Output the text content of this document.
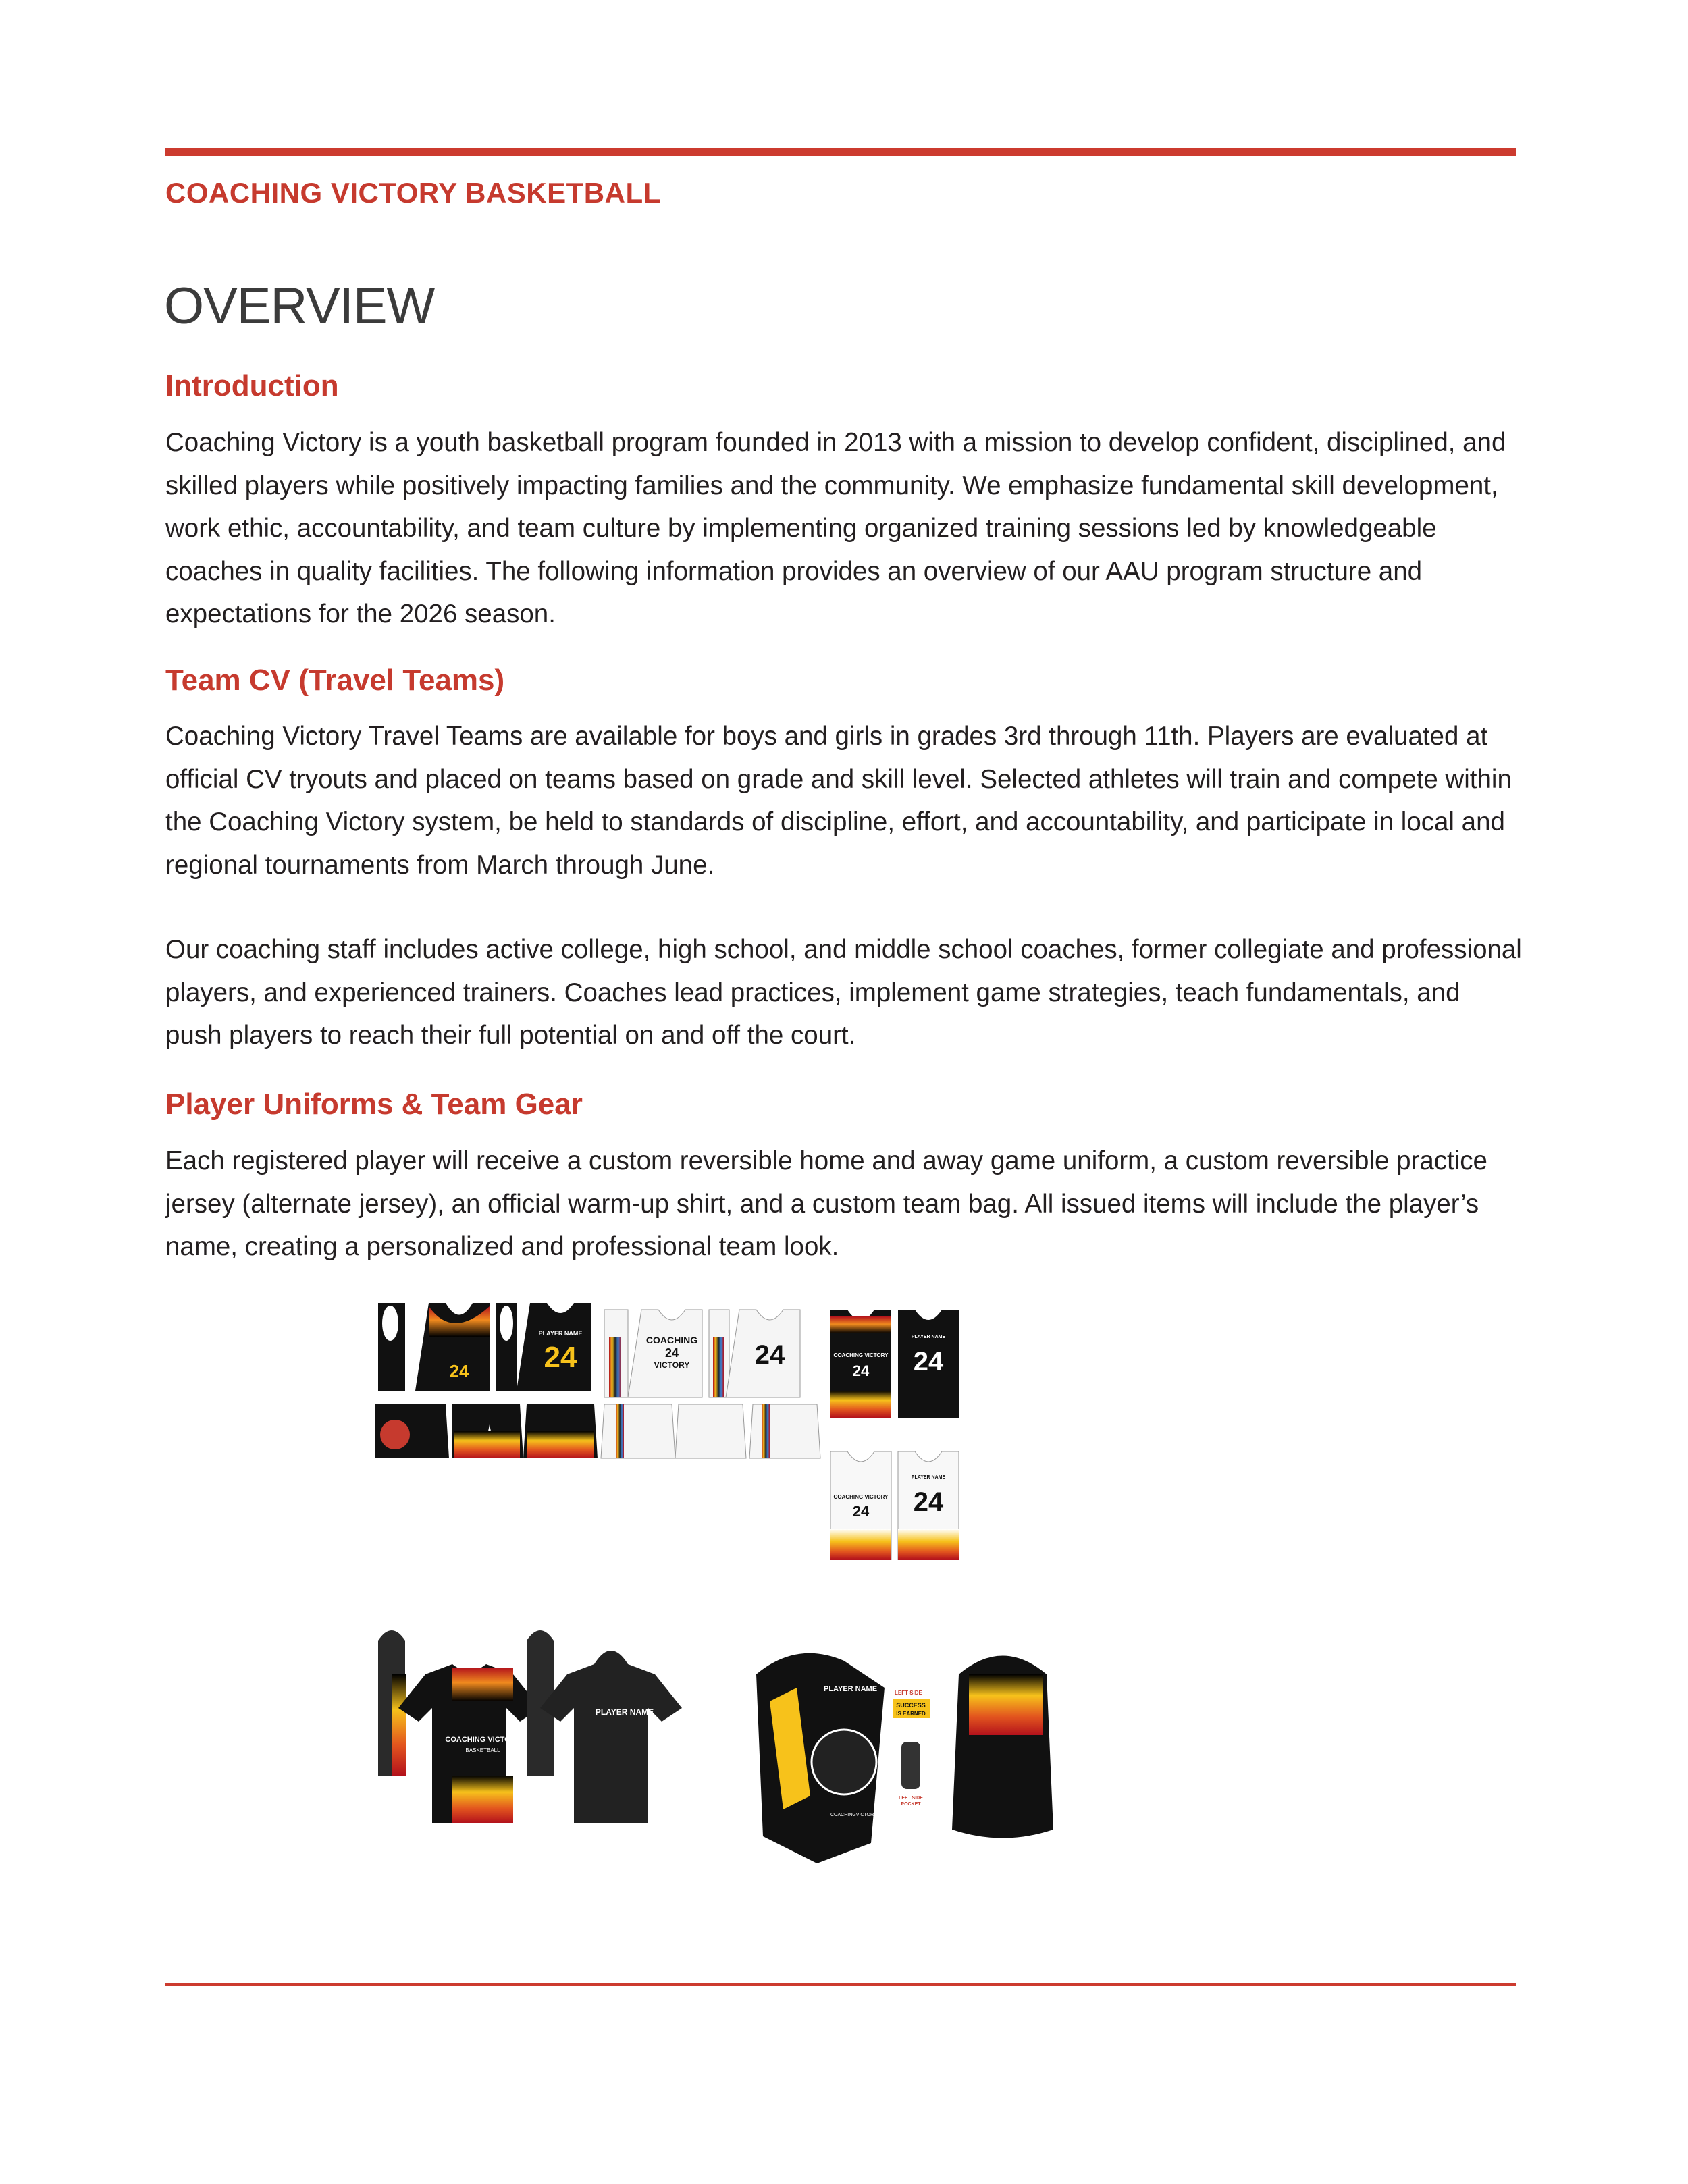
COACHING VICTORY BASKETBALL
OVERVIEW
Introduction

Coaching Victory is a youth basketball program founded in 2013 with a mission to develop confident, disciplined, and skilled players while positively impacting families and the community. We emphasize fundamental skill development, work ethic, accountability, and team culture by implementing organized training sessions led by knowledgeable coaches in quality facilities. The following information provides an overview of our AAU program structure and expectations for the 2026 season.

Team CV (Travel Teams)

Coaching Victory Travel Teams are available for boys and girls in grades 3rd through 11th. Players are evaluated at official CV tryouts and placed on teams based on grade and skill level. Selected athletes will train and compete within the Coaching Victory system, be held to standards of discipline, effort, and accountability, and participate in local and regional tournaments from March through June.

Our coaching staff includes active college, high school, and middle school coaches, former collegiate and professional players, and experienced trainers. Coaches lead practices, implement game strategies, teach fundamentals, and push players to reach their full potential on and off the court.

Player Uniforms & Team Gear

Each registered player will receive a custom reversible home and away game uniform, a custom reversible practice jersey (alternate jersey), an official warm-up shirt, and a custom team bag. All issued items will include the player’s name, creating a personalized and professional team look.

24
PLAYER NAME
24
COACHING
24
VICTORY 24	COACHING VICTORY
24
PLAYER NAME
24
COACHING VICTORY
24
PLAYER NAME
24
COACHING VICTORY
BASKETBALL
PLAYER NAME
PLAYER NAME
COACHINGVICTORY.COM
LEFT SIDE
SUCCESS
IS EARNED
LEFT SIDE
POCKET
